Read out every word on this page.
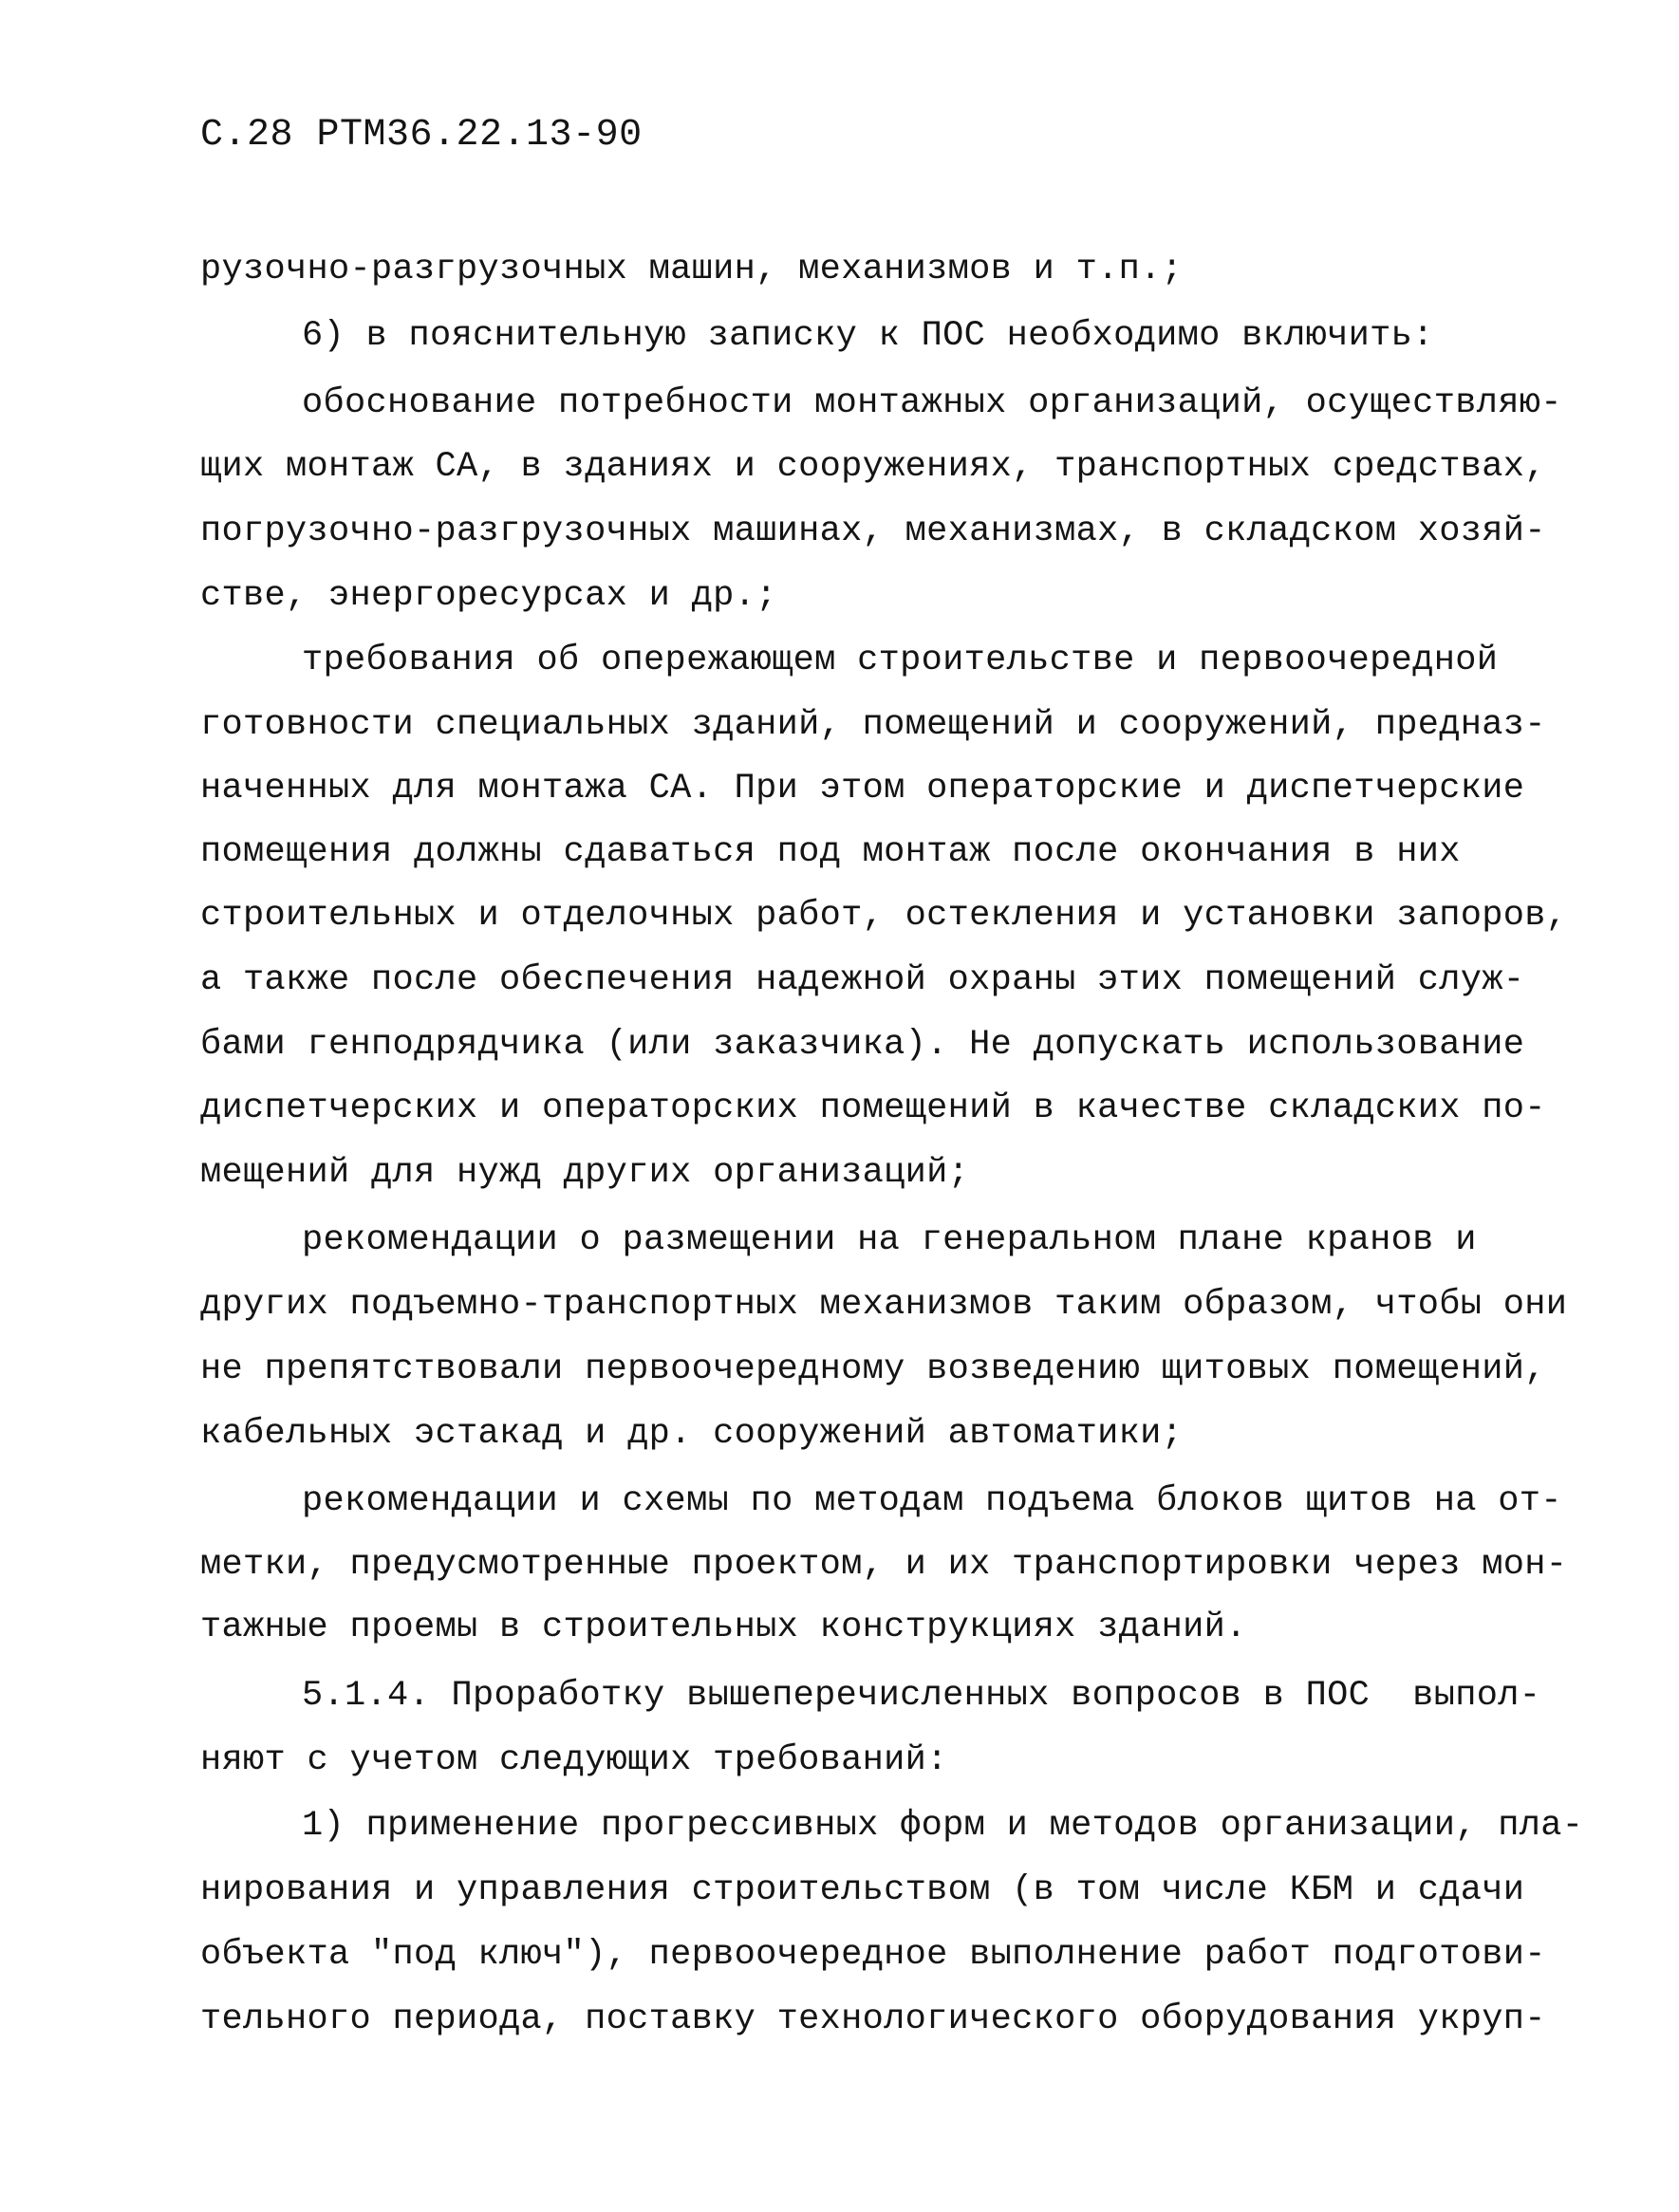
С.28 РТМ36.22.13-90
рузочно-разгрузочных машин, механизмов и т.п.;
6) в пояснительную записку к ПОС необходимо включить:
обоснование потребности монтажных организаций, осуществляю-
щих монтаж СА, в зданиях и сооружениях, транспортных средствах,
погрузочно-разгрузочных машинах, механизмах, в складском хозяй-
стве, энергоресурсах и др.;
требования об опережающем строительстве и первоочередной
готовности специальных зданий, помещений и сооружений, предназ-
наченных для монтажа СА. При этом операторские и диспетчерские
помещения должны сдаваться под монтаж после окончания в них
строительных и отделочных работ, остекления и установки запоров,
а также после обеспечения надежной охраны этих помещений служ-
бами генподрядчика (или заказчика). Не допускать использование
диспетчерских и операторских помещений в качестве складских по-
мещений для нужд других организаций;
рекомендации о размещении на генеральном плане кранов и
других подъемно-транспортных механизмов таким образом, чтобы они
не препятствовали первоочередному возведению щитовых помещений,
кабельных эстакад и др. сооружений автоматики;
рекомендации и схемы по методам подъема блоков щитов на от-
метки, предусмотренные проектом, и их транспортировки через мон-
тажные проемы в строительных конструкциях зданий.
5.1.4. Проработку вышеперечисленных вопросов в ПОС  выпол-
няют с учетом следующих требований:
1) применение прогрессивных форм и методов организации, пла-
нирования и управления строительством (в том числе КБМ и сдачи
объекта "под ключ"), первоочередное выполнение работ подготови-
тельного периода, поставку технологического оборудования укруп-
